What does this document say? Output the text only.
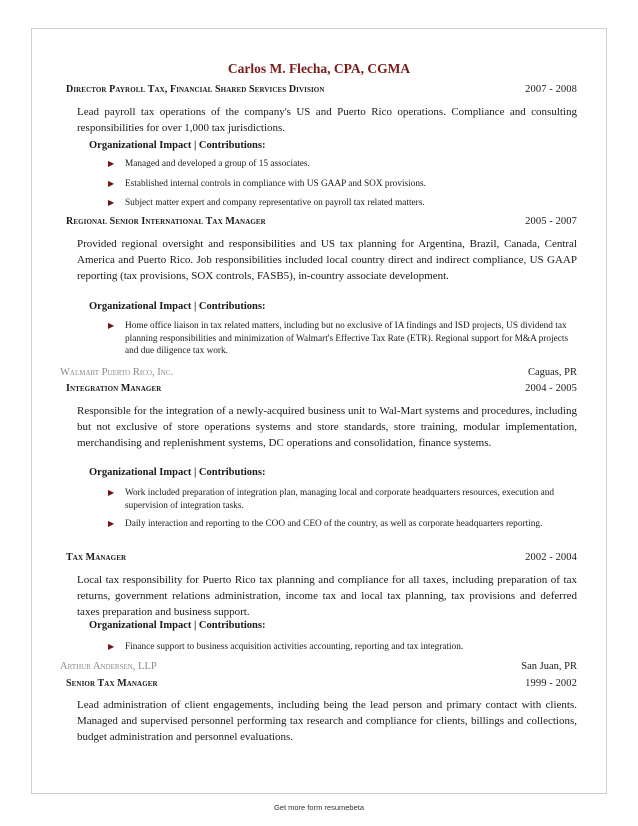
Carlos M. Flecha, CPA, CGMA
Director Payroll Tax, Financial Shared Services Division	2007 - 2008
Lead payroll tax operations of the company's US and Puerto Rico operations. Compliance and consulting responsibilities for over 1,000 tax jurisdictions.
Organizational Impact | Contributions:
▶	Managed and developed a group of 15 associates.
▶	Established internal controls in compliance with US GAAP and SOX provisions.
▶	Subject matter expert and company representative on payroll tax related matters.
Regional Senior International Tax Manager	2005 - 2007
Provided regional oversight and responsibilities and US tax planning for Argentina, Brazil, Canada, Central America and Puerto Rico. Job responsibilities included local country direct and indirect compliance, US GAAP reporting (tax provisions, SOX controls, FASB5), in-country associate development.
Organizational Impact | Contributions:
▶	Home office liaison in tax related matters, including but no exclusive of IA findings and ISD projects, US dividend tax planning responsibilities and minimization of Walmart's Effective Tax Rate (ETR). Regional support for M&A projects and due diligence tax work.
Walmart Puerto Rico, Inc.	Caguas, PR
Integration Manager	2004 - 2005
Responsible for the integration of a newly-acquired business unit to Wal-Mart systems and procedures, including but not exclusive of store operations systems and store standards, store training, modular implementation, merchandising and replenishment systems, DC operations and consolidation, finance systems.
Organizational Impact | Contributions:
▶	Work included preparation of integration plan, managing local and corporate headquarters resources, execution and supervision of integration tasks.
▶	Daily interaction and reporting to the COO and CEO of the country, as well as corporate headquarters reporting.
Tax Manager	2002 - 2004
Local tax responsibility for Puerto Rico tax planning and compliance for all taxes, including preparation of tax returns, government relations administration, income tax and local tax planning, tax provisions and deferred taxes preparation and business support.
Organizational Impact | Contributions:
▶	Finance support to business acquisition activities accounting, reporting and tax integration.
Arthur Andersen, LLP	San Juan, PR
Senior Tax Manager	1999 - 2002
Lead administration of client engagements, including being the lead person and primary contact with clients. Managed and supervised personnel performing tax research and compliance for clients, billings and collections, budget administration and personnel evaluations.
Get more form resumebeta
